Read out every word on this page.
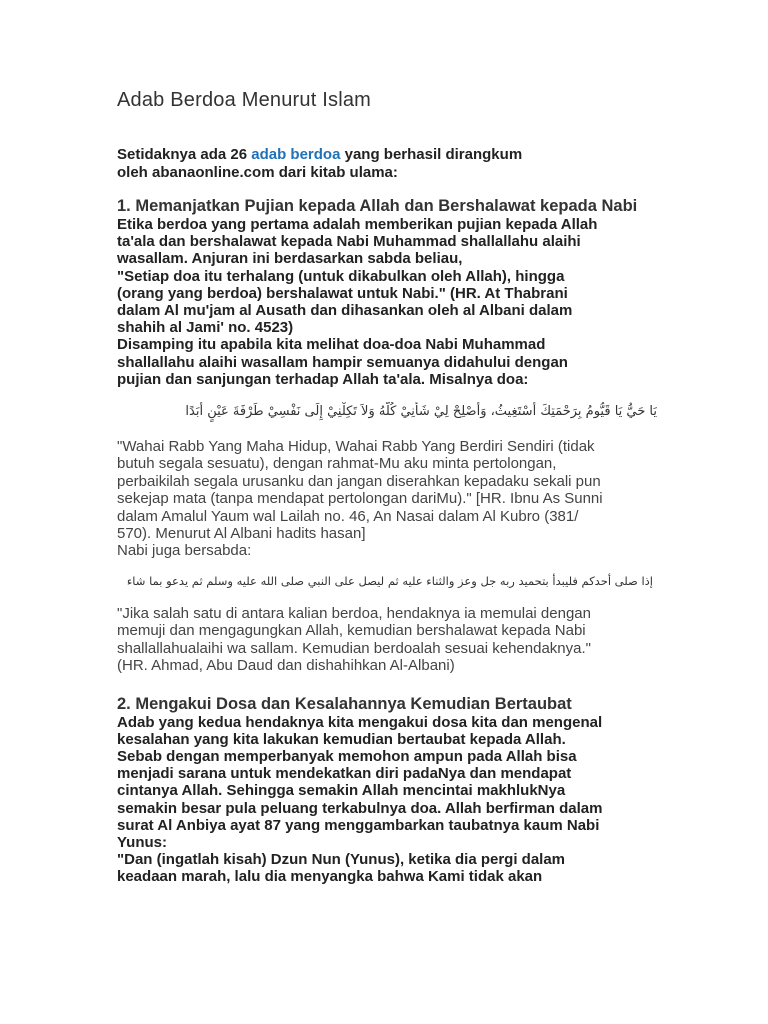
Adab Berdoa Menurut Islam
Setidaknya ada 26 adab berdoa yang berhasil dirangkum
oleh abanaonline.com dari kitab ulama:
1. Memanjatkan Pujian kepada Allah dan Bershalawat kepada Nabi
Etika berdoa yang pertama adalah memberikan pujian kepada Allah
ta'ala dan bershalawat kepada Nabi Muhammad shallallahu alaihi
wasallam. Anjuran ini berdasarkan sabda beliau,
"Setiap doa itu terhalang (untuk dikabulkan oleh Allah), hingga
(orang yang berdoa) bershalawat untuk Nabi." (HR. At Thabrani
dalam Al mu'jam al Ausath dan dihasankan oleh al Albani dalam
shahih al Jami' no. 4523)
Disamping itu apabila kita melihat doa-doa Nabi Muhammad
shallallahu alaihi wasallam hampir semuanya didahului dengan
pujian dan sanjungan terhadap Allah ta'ala. Misalnya doa:
يَا حَيُّ يَا قَيُّومُ بِرَحْمَتِكَ أَسْتَغِيثُ، وَأَصْلِحْ لِيْ شَأْنِيْ كُلَّهُ وَلاَ تَكِلْنِيْ إِلَى نَفْسِيْ طَرْفَةَ عَيْنٍ أَبَدًا
"Wahai Rabb Yang Maha Hidup, Wahai Rabb Yang Berdiri Sendiri (tidak
butuh segala sesuatu), dengan rahmat-Mu aku minta pertolongan,
perbaikilah segala urusanku dan jangan diserahkan kepadaku sekali pun
sekejap mata (tanpa mendapat pertolongan dariMu)." [HR. Ibnu As Sunni
dalam Amalul Yaum wal Lailah no. 46, An Nasai dalam Al Kubro (381/
570). Menurut Al Albani hadits hasan]
Nabi juga bersabda:
إذا صلى أحدكم فليبدأ بتحميد ربه جل وعز والثناء عليه ثم ليصل على النبي صلى الله عليه وسلم ثم يدعو بما شاء
"Jika salah satu di antara kalian berdoa, hendaknya ia memulai dengan
memuji dan mengagungkan Allah, kemudian bershalawat kepada Nabi
shallallahualaihi wa sallam. Kemudian berdoalah sesuai kehendaknya."
(HR. Ahmad, Abu Daud dan dishahihkan Al-Albani)
2. Mengakui Dosa dan Kesalahannya Kemudian Bertaubat
Adab yang kedua hendaknya kita mengakui dosa kita dan mengenal
kesalahan yang kita lakukan kemudian bertaubat kepada Allah.
Sebab dengan memperbanyak memohon ampun pada Allah bisa
menjadi sarana untuk mendekatkan diri padaNya dan mendapat
cintanya Allah. Sehingga semakin Allah mencintai makhlukNya
semakin besar pula peluang terkabulnya doa. Allah berfirman dalam
surat Al Anbiya ayat 87 yang menggambarkan taubatnya kaum Nabi
Yunus:
"Dan (ingatlah kisah) Dzun Nun (Yunus), ketika dia pergi dalam
keadaan marah, lalu dia menyangka bahwa Kami tidak akan
